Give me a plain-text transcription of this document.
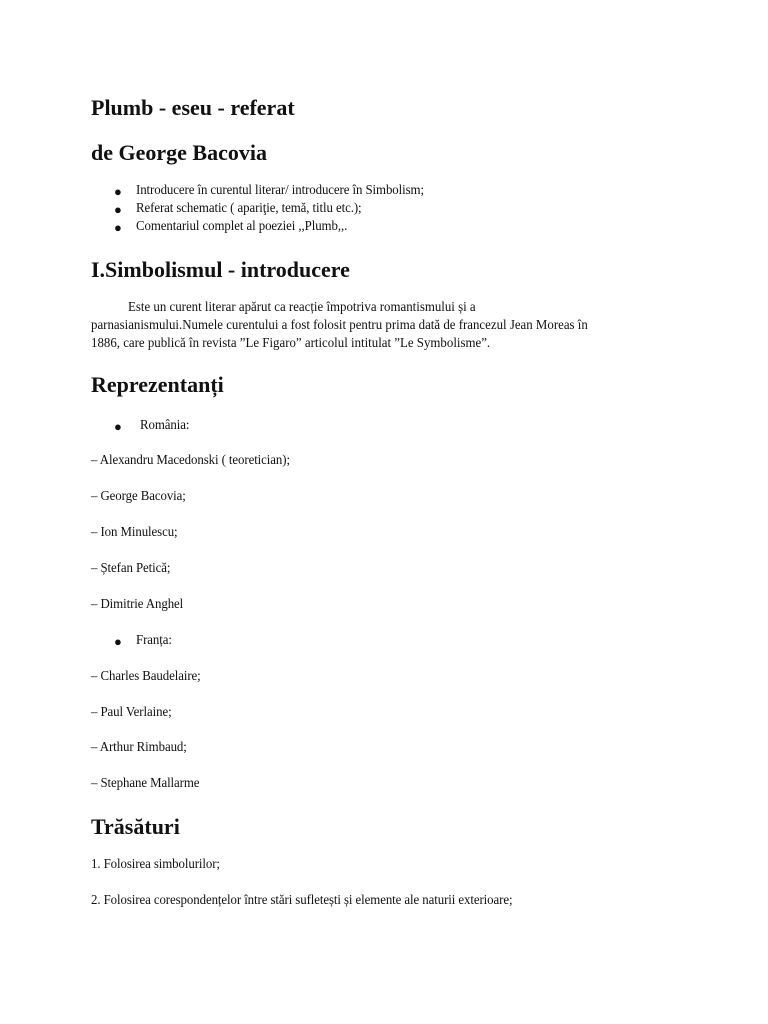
Plumb - eseu - referat
de George Bacovia
● Introducere în curentul literar/ introducere în Simbolism;
● Referat schematic ( apariţie, temă, titlu etc.);
● Comentariul complet al poeziei ,,Plumb,,.
I.Simbolismul - introducere
Este un curent literar apărut ca reacție împotriva romantismului și a
parnasianismului.Numele curentului a fost folosit pentru prima dată de francezul Jean Moreas în
1886, care publică în revista ”Le Figaro” articolul intitulat ”Le Symbolisme”.
Reprezentanți
● România:
– Alexandru Macedonski ( teoretician);
– George Bacovia;
– Ion Minulescu;
– Ștefan Petică;
– Dimitrie Anghel
● Franța:
– Charles Baudelaire;
– Paul Verlaine;
– Arthur Rimbaud;
– Stephane Mallarme
Trăsături
1. Folosirea simbolurilor;
2. Folosirea corespondențelor între stări sufletești și elemente ale naturii exterioare;
